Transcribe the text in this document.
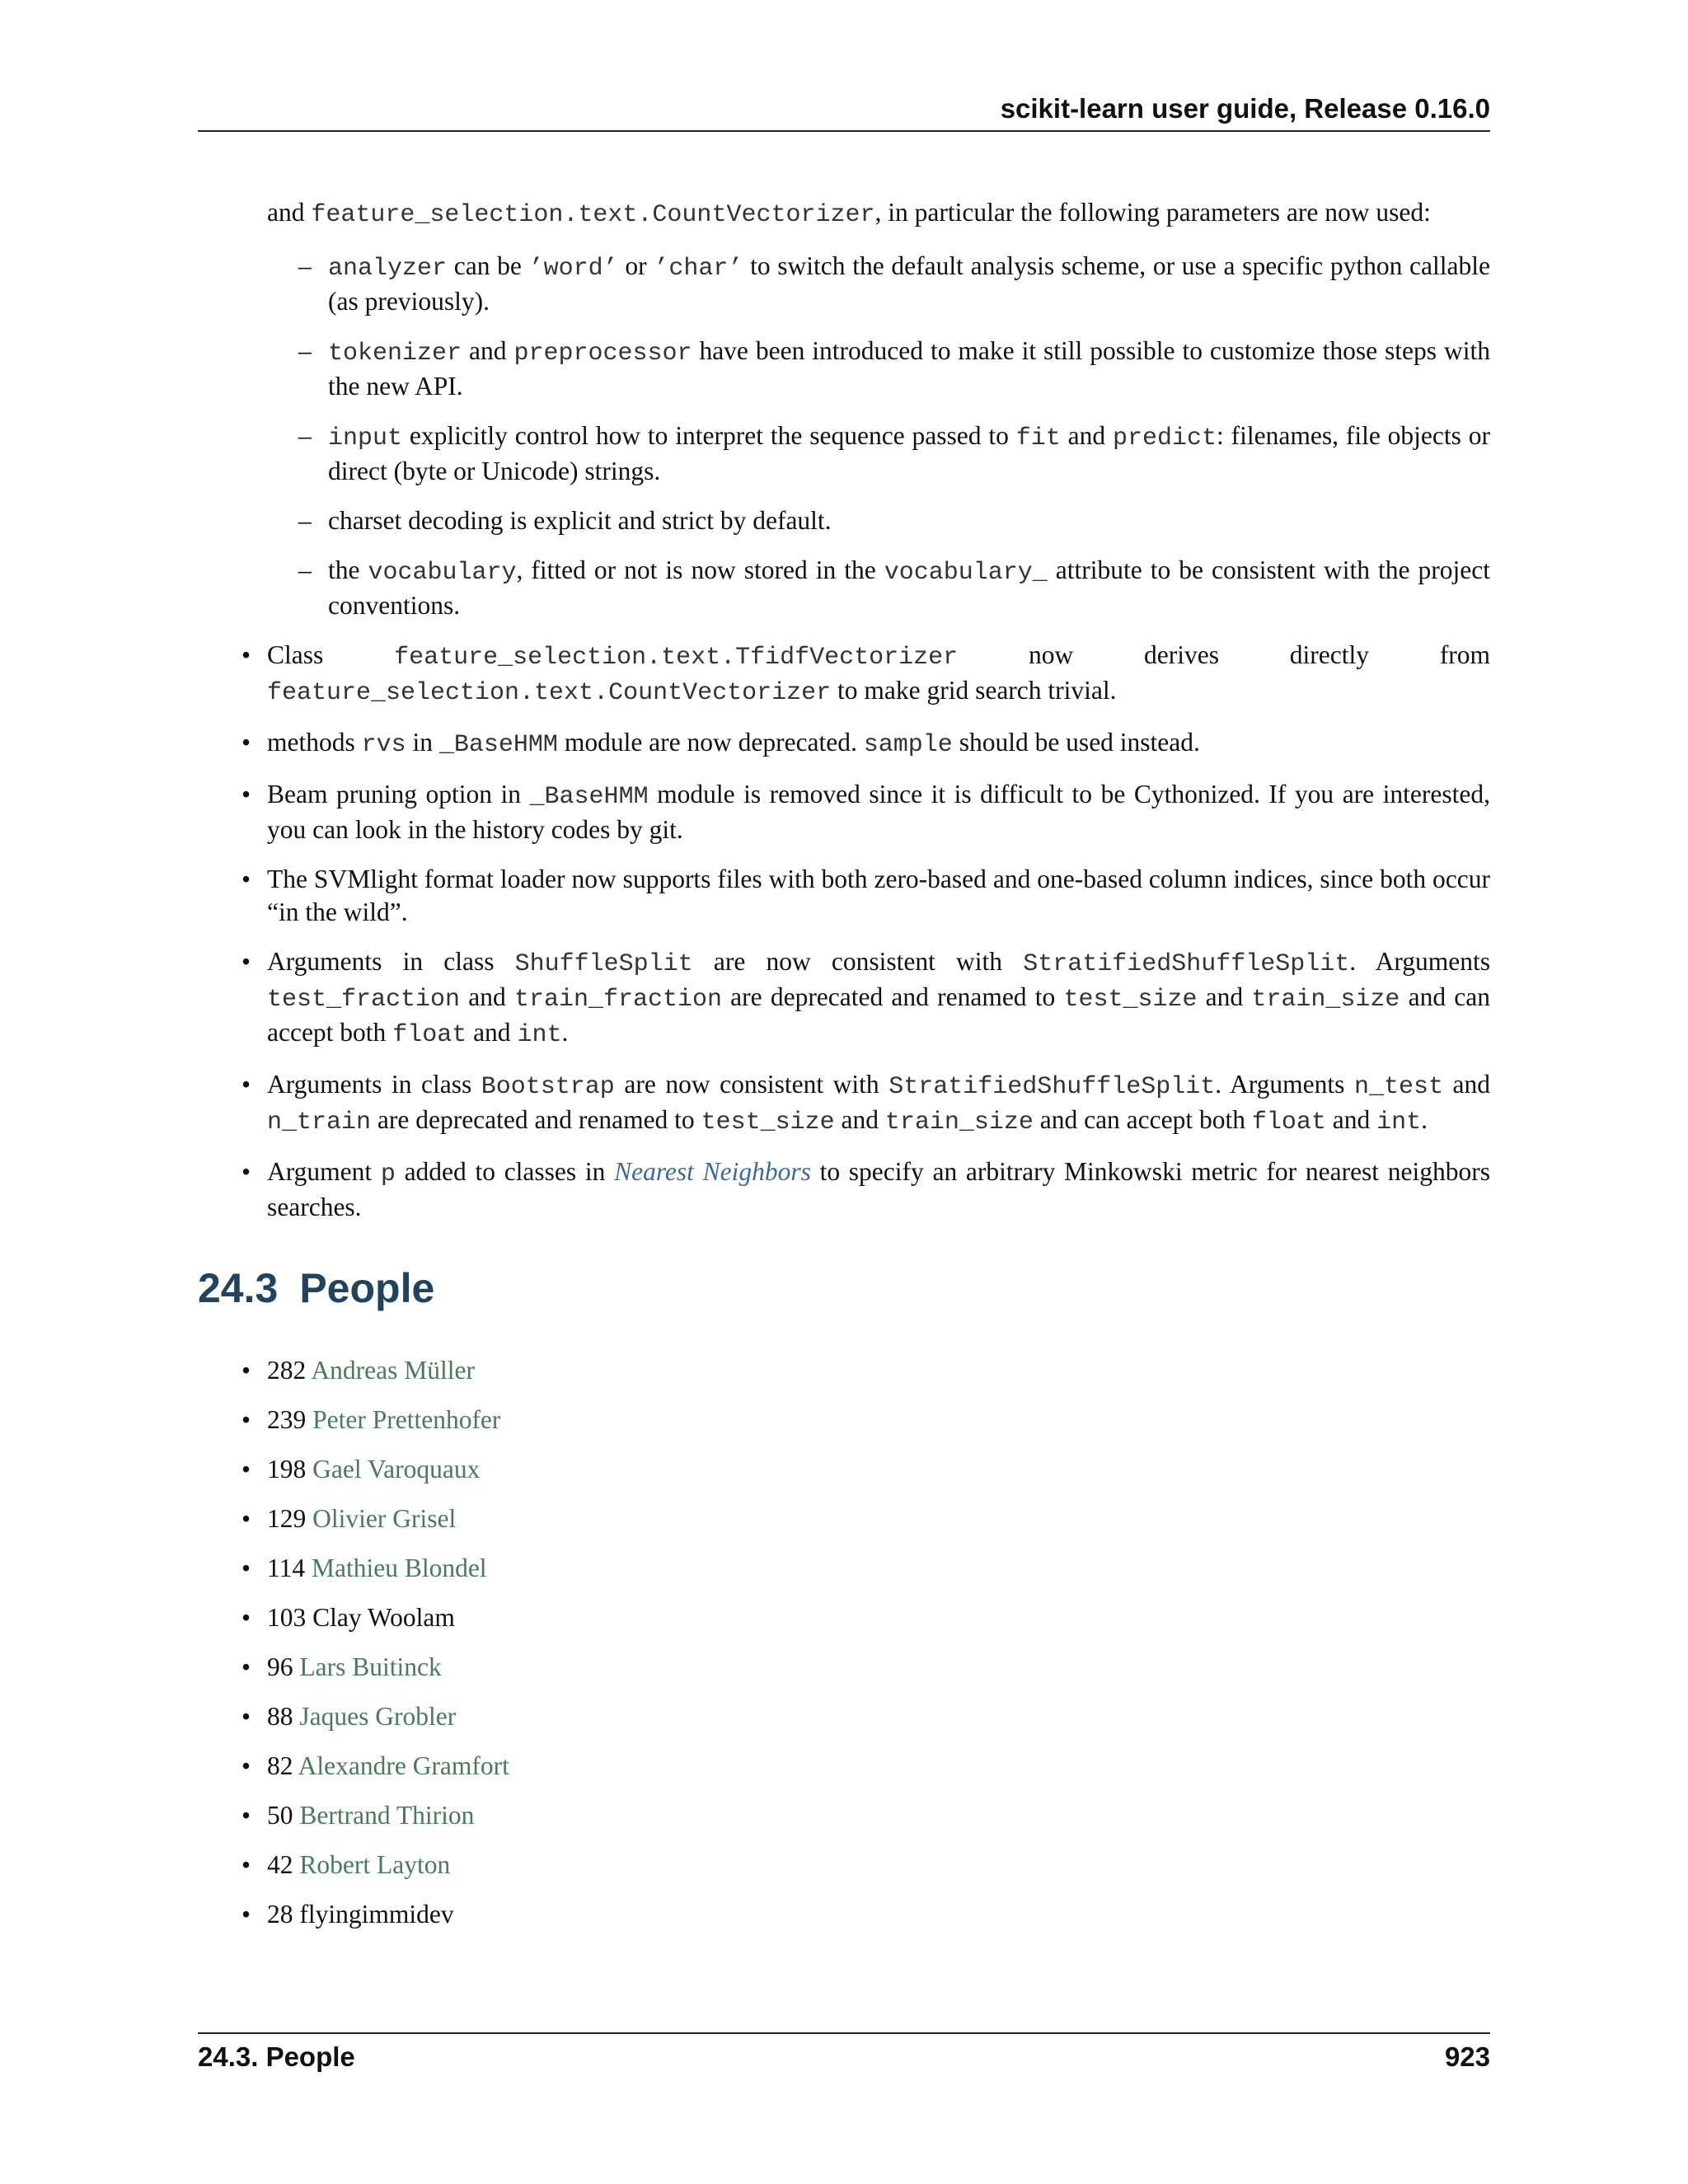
scikit-learn user guide, Release 0.16.0

and feature_selection.text.CountVectorizer, in particular the following parameters are now used:

– analyzer can be ’word’ or ’char’ to switch the default analysis scheme, or use a specific python callable (as previously).

– tokenizer and preprocessor have been introduced to make it still possible to customize those steps with the new API.

– input explicitly control how to interpret the sequence passed to fit and predict: filenames, file objects or direct (byte or Unicode) strings.

– charset decoding is explicit and strict by default.

– the vocabulary, fitted or not is now stored in the vocabulary_ attribute to be consistent with the project conventions.

• Class	feature_selection.text.TfidfVectorizer	now	derives	directly	from

feature_selection.text.CountVectorizer to make grid search trivial.

• methods rvs in _BaseHMM module are now deprecated. sample should be used instead.

• Beam pruning option in _BaseHMM module is removed since it is difficult to be Cythonized. If you are interested, you can look in the history codes by git.

• The SVMlight format loader now supports files with both zero-based and one-based column indices, since both occur “in the wild”.

• Arguments in class ShuffleSplit are now consistent with StratifiedShuffleSplit. Arguments test_fraction and train_fraction are deprecated and renamed to test_size and train_size and can accept both float and int.

• Arguments in class Bootstrap are now consistent with StratifiedShuffleSplit. Arguments n_test and n_train are deprecated and renamed to test_size and train_size and can accept both float and int.

• Argument p added to classes in Nearest Neighbors to specify an arbitrary Minkowski metric for nearest neighbors searches.

24.3 People
• 282 Andreas Müller
• 239 Peter Prettenhofer
• 198 Gael Varoquaux
• 129 Olivier Grisel
• 114 Mathieu Blondel
• 103 Clay Woolam
• 96 Lars Buitinck
• 88 Jaques Grobler
• 82 Alexandre Gramfort
• 50 Bertrand Thirion
• 42 Robert Layton
• 28 flyingimmidev
24.3. People	923
